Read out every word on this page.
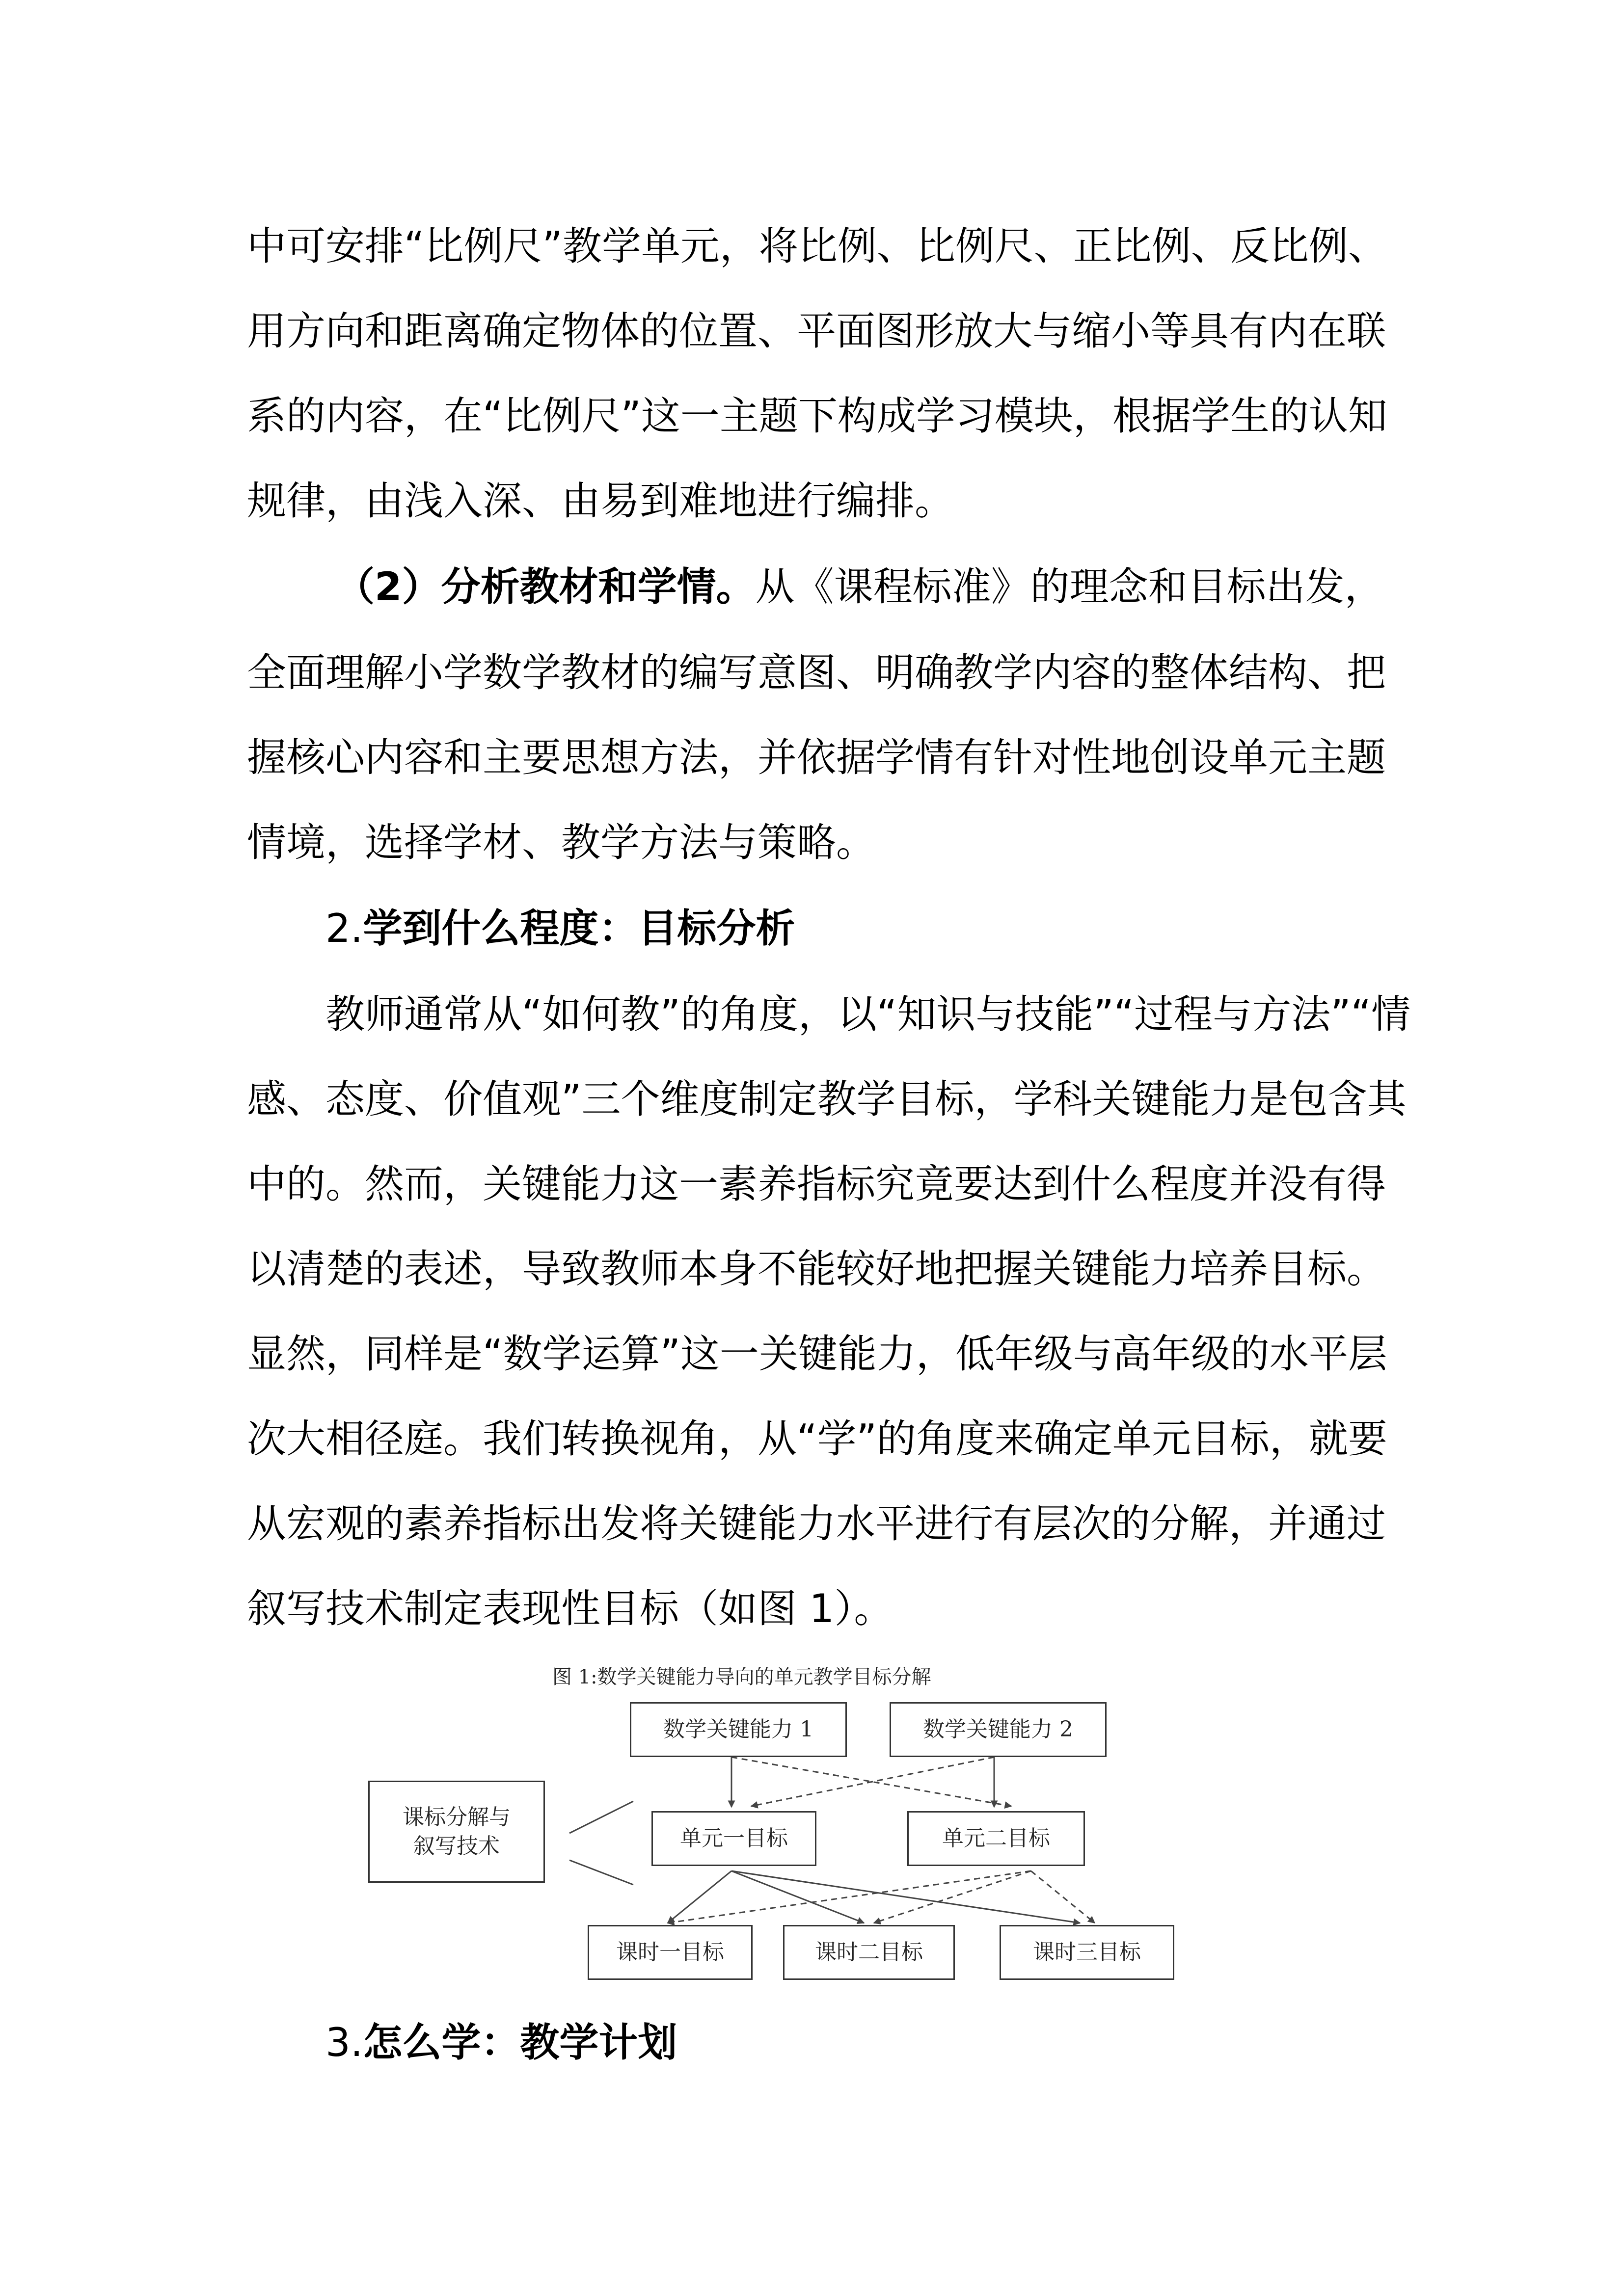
中可安排“比例尺”教学单元，将比例、比例尺、正比例、反比例、
用方向和距离确定物体的位置、平面图形放大与缩小等具有内在联
系的内容，在“比例尺”这一主题下构成学习模块，根据学生的认知
规律，由浅入深、由易到难地进行编排。
（2）分析教材和学情。从《课程标准》的理念和目标出发，
全面理解小学数学教材的编写意图、明确教学内容的整体结构、把
握核心内容和主要思想方法，并依据学情有针对性地创设单元主题
情境，选择学材、教学方法与策略。
2.学到什么程度：目标分析
教师通常从“如何教”的角度，以“知识与技能”“过程与方法”“情
感、态度、价值观”三个维度制定教学目标，学科关键能力是包含其
中的。然而，关键能力这一素养指标究竟要达到什么程度并没有得
以清楚的表述，导致教师本身不能较好地把握关键能力培养目标。
显然，同样是“数学运算”这一关键能力，低年级与高年级的水平层
次大相径庭。我们转换视角，从“学”的角度来确定单元目标，就要
从宏观的素养指标出发将关键能力水平进行有层次的分解，并通过
叙写技术制定表现性目标（如图 1）。
图 1:数学关键能力导向的单元教学目标分解
课标分解与
叙写技术
数学关键能力 1	数学关键能力 2
单元一目标	单元二目标
课时一目标	课时二目标	课时三目标
3.怎么学：教学计划
